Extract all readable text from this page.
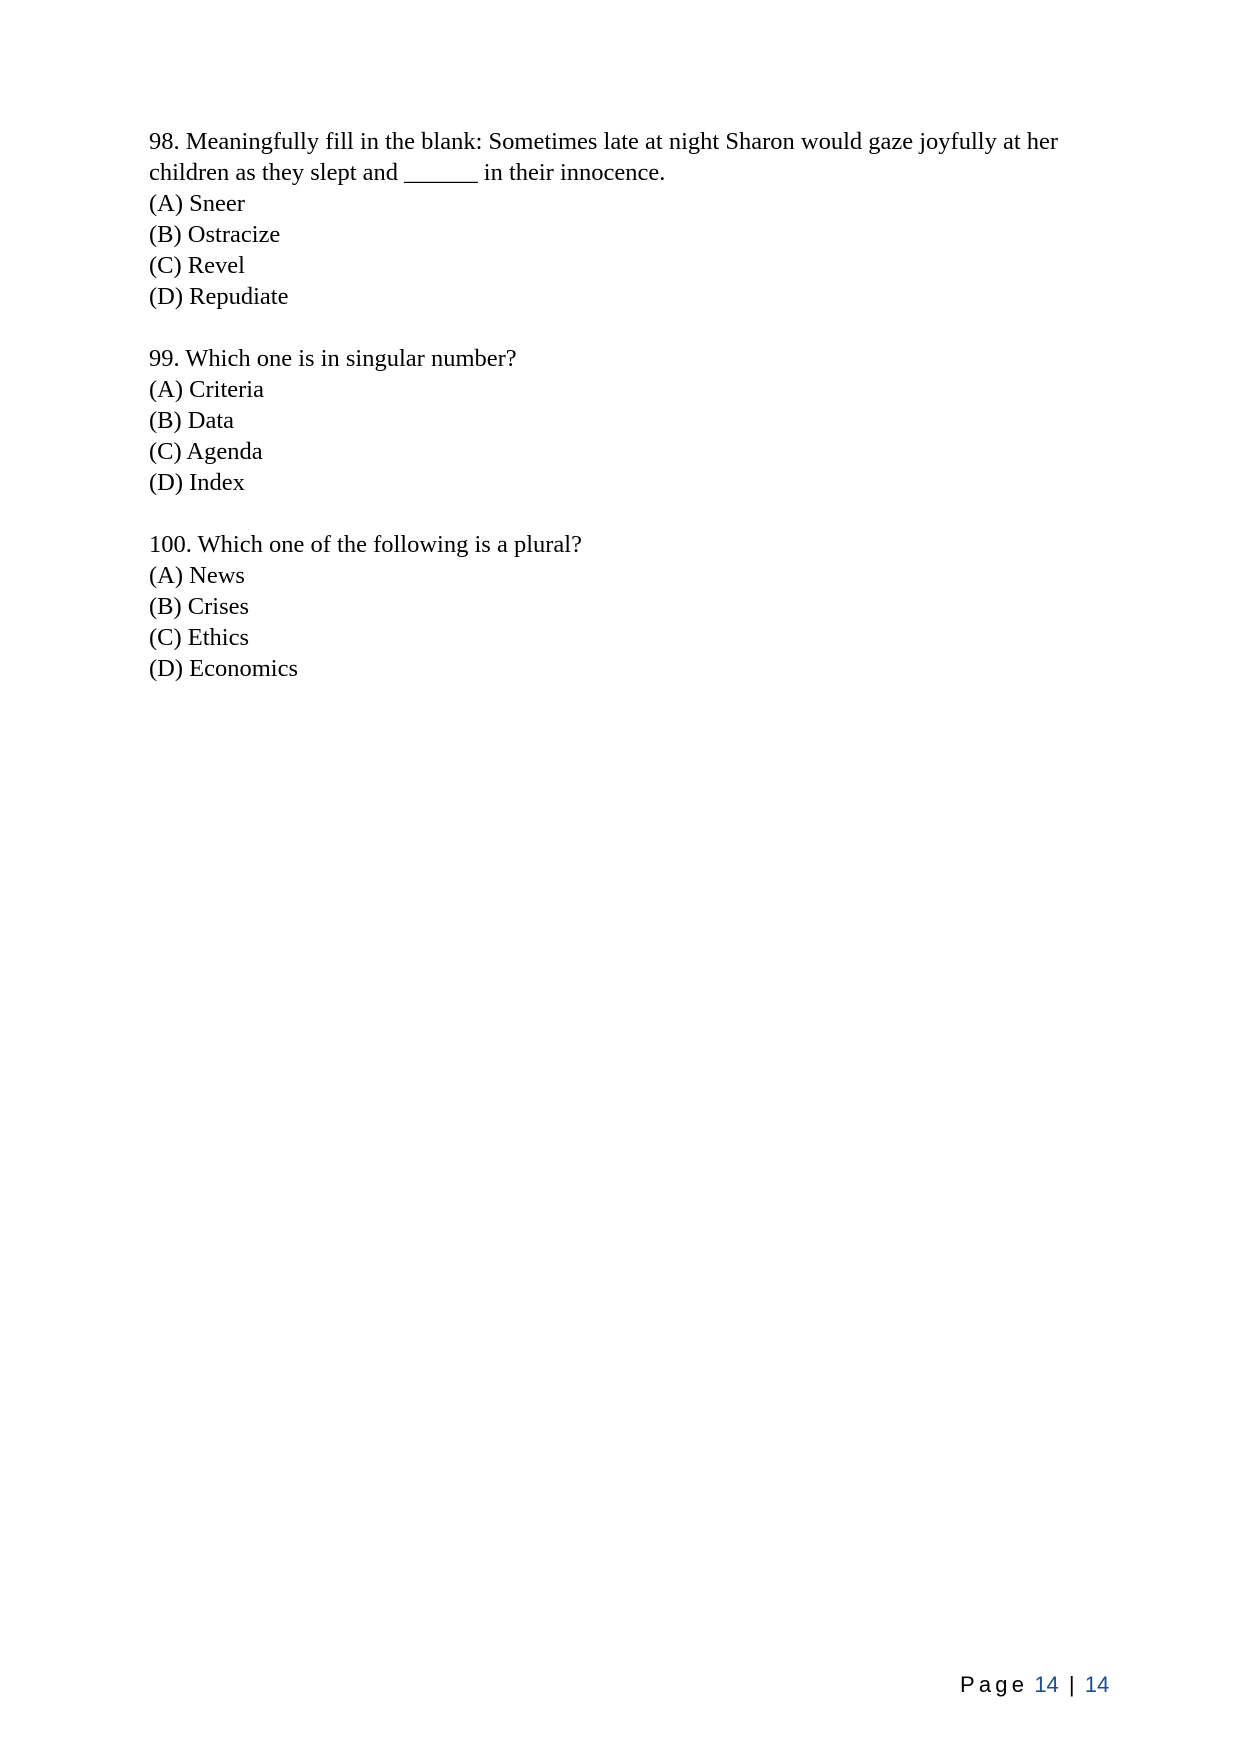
98. Meaningfully fill in the blank: Sometimes late at night Sharon would gaze joyfully at her children as they slept and ______ in their innocence.
(A) Sneer
(B) Ostracize
(C) Revel
(D) Repudiate
99. Which one is in singular number?
(A) Criteria
(B) Data
(C) Agenda
(D) Index
100. Which one of the following is a plural?
(A) News
(B) Crises
(C) Ethics
(D) Economics
Page 14 | 14
